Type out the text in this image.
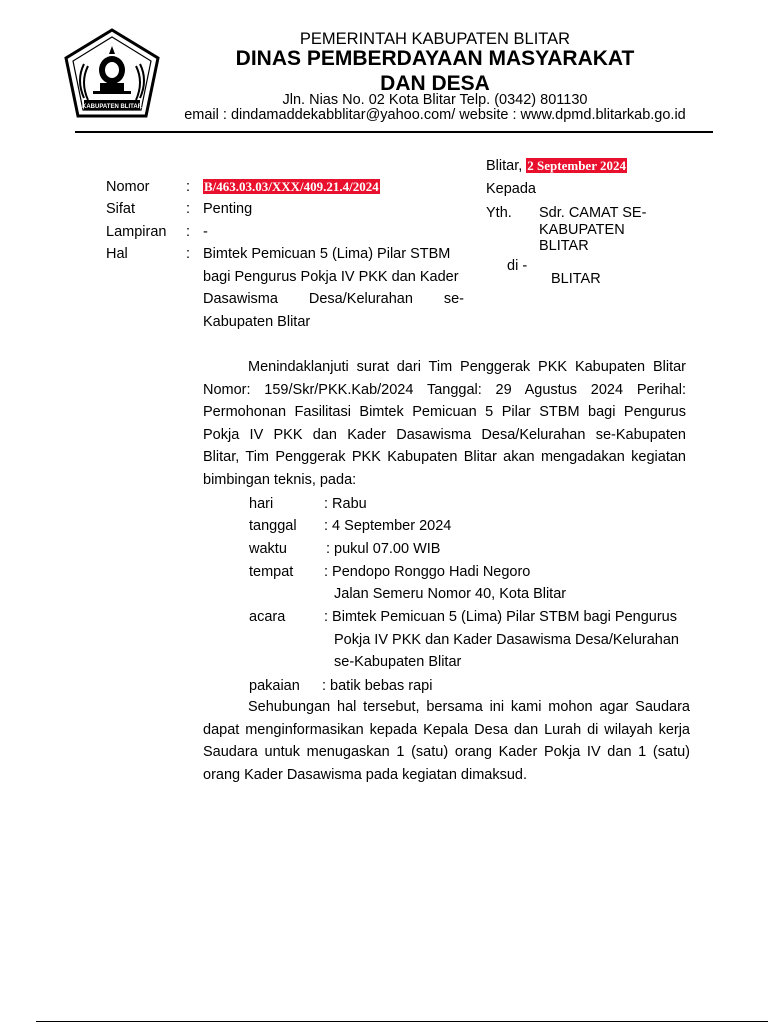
KABUPATEN BLITAR
PEMERINTAH KABUPATEN BLITAR
DINAS PEMBERDAYAAN MASYARAKAT
DAN DESA
Jln. Nias No. 02 Kota Blitar Telp. (0342) 801130
email : dindamaddekabblitar@yahoo.com/ website : www.dpmd.blitarkab.go.id
Blitar, 2 September 2024
Kepada
Yth. Sdr. CAMAT SE-
KABUPATEN
BLITAR
di -
BLITAR
Nomor	: B/463.03.03/XXX/409.21.4/2024
Sifat	: Penting
Lampiran : -
Hal	: Bimtek Pemicuan 5 (Lima) Pilar STBM
bagi Pengurus Pokja IV PKK dan Kader
Dasawisma Desa/Kelurahan se-
Kabupaten Blitar
Menindaklanjuti surat dari Tim Penggerak PKK Kabupaten Blitar
Nomor: 159/Skr/PKK.Kab/2024 Tanggal: 29 Agustus 2024 Perihal:
Permohonan Fasilitasi Bimtek Pemicuan 5 Pilar STBM bagi Pengurus
Pokja IV PKK dan Kader Dasawisma Desa/Kelurahan se-Kabupaten
Blitar, Tim Penggerak PKK Kabupaten Blitar akan mengadakan kegiatan
bimbingan teknis, pada:
hari	: Rabu
tanggal : 4 September 2024
waktu	: pukul 07.00 WIB
tempat : Pendopo Ronggo Hadi Negoro
Jalan Semeru Nomor 40, Kota Blitar
acara	: Bimtek Pemicuan 5 (Lima) Pilar STBM bagi Pengurus
Pokja IV PKK dan Kader Dasawisma Desa/Kelurahan
se-Kabupaten Blitar
pakaian : batik bebas rapi
Sehubungan hal tersebut, bersama ini kami mohon agar Saudara
dapat menginformasikan kepada Kepala Desa dan Lurah di wilayah kerja
Saudara untuk menugaskan 1 (satu) orang Kader Pokja IV dan 1 (satu)
orang Kader Dasawisma pada kegiatan dimaksud.
